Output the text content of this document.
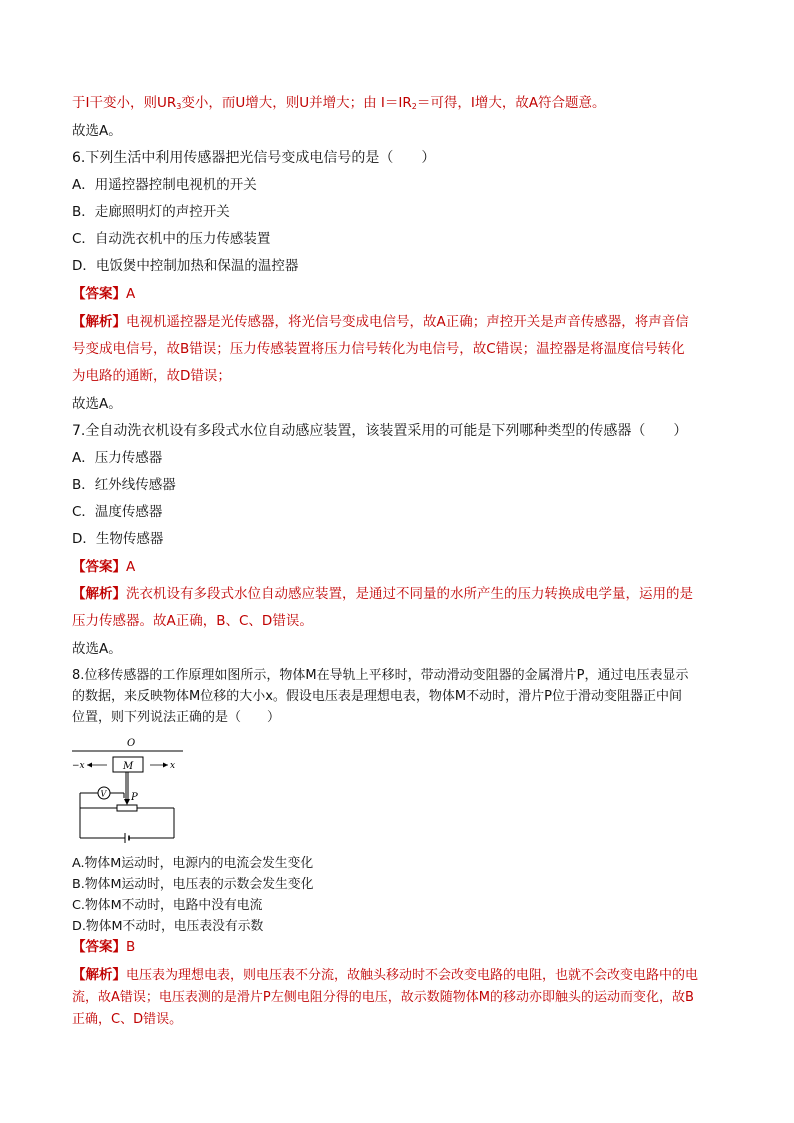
于I干变小，则$UR_3$变小，而U增大，则U并增大；由 $I=IR_2=$可得，I增大，故A符合题意。
故选A。
6.下列生活中利用传感器把光信号变成电信号的是（　　）
A．用遥控器控制电视机的开关
B．走廊照明灯的声控开关
C．自动洗衣机中的压力传感装置
D．电饭煲中控制加热和保温的温控器
【答案】A
【解析】电视机遥控器是光传感器，将光信号变成电信号，故A正确；声控开关是声音传感器，将声音信
号变成电信号，故B错误；压力传感装置将压力信号转化为电信号，故C错误；温控器是将温度信号转化
为电路的通断，故D错误；
故选A。
7.全自动洗衣机设有多段式水位自动感应装置，该装置采用的可能是下列哪种类型的传感器（　　）
A．压力传感器
B．红外线传感器
C．温度传感器
D．生物传感器
【答案】A
【解析】洗衣机设有多段式水位自动感应装置，是通过不同量的水所产生的压力转换成电学量，运用的是
压力传感器。故A正确，B、C、D错误。
故选A。
8.位移传感器的工作原理如图所示，物体M在导轨上平移时，带动滑动变阻器的金属滑片P，通过电压表显示
的数据，来反映物体M位移的大小x。假设电压表是理想电表，物体M不动时，滑片P位于滑动变阻器正中间
位置，则下列说法正确的是（　　）
O
M
−x	x
P
V
A.物体M运动时，电源内的电流会发生变化
B.物体M运动时，电压表的示数会发生变化
C.物体M不动时，电路中没有电流
D.物体M不动时，电压表没有示数
【答案】B
【解析】电压表为理想电表，则电压表不分流，故触头移动时不会改变电路的电阻，也就不会改变电路中的电
流，故A错误；电压表测的是滑片P左侧电阻分得的电压，故示数随物体M的移动亦即触头的运动而变化，故B
正确，C、D错误。
